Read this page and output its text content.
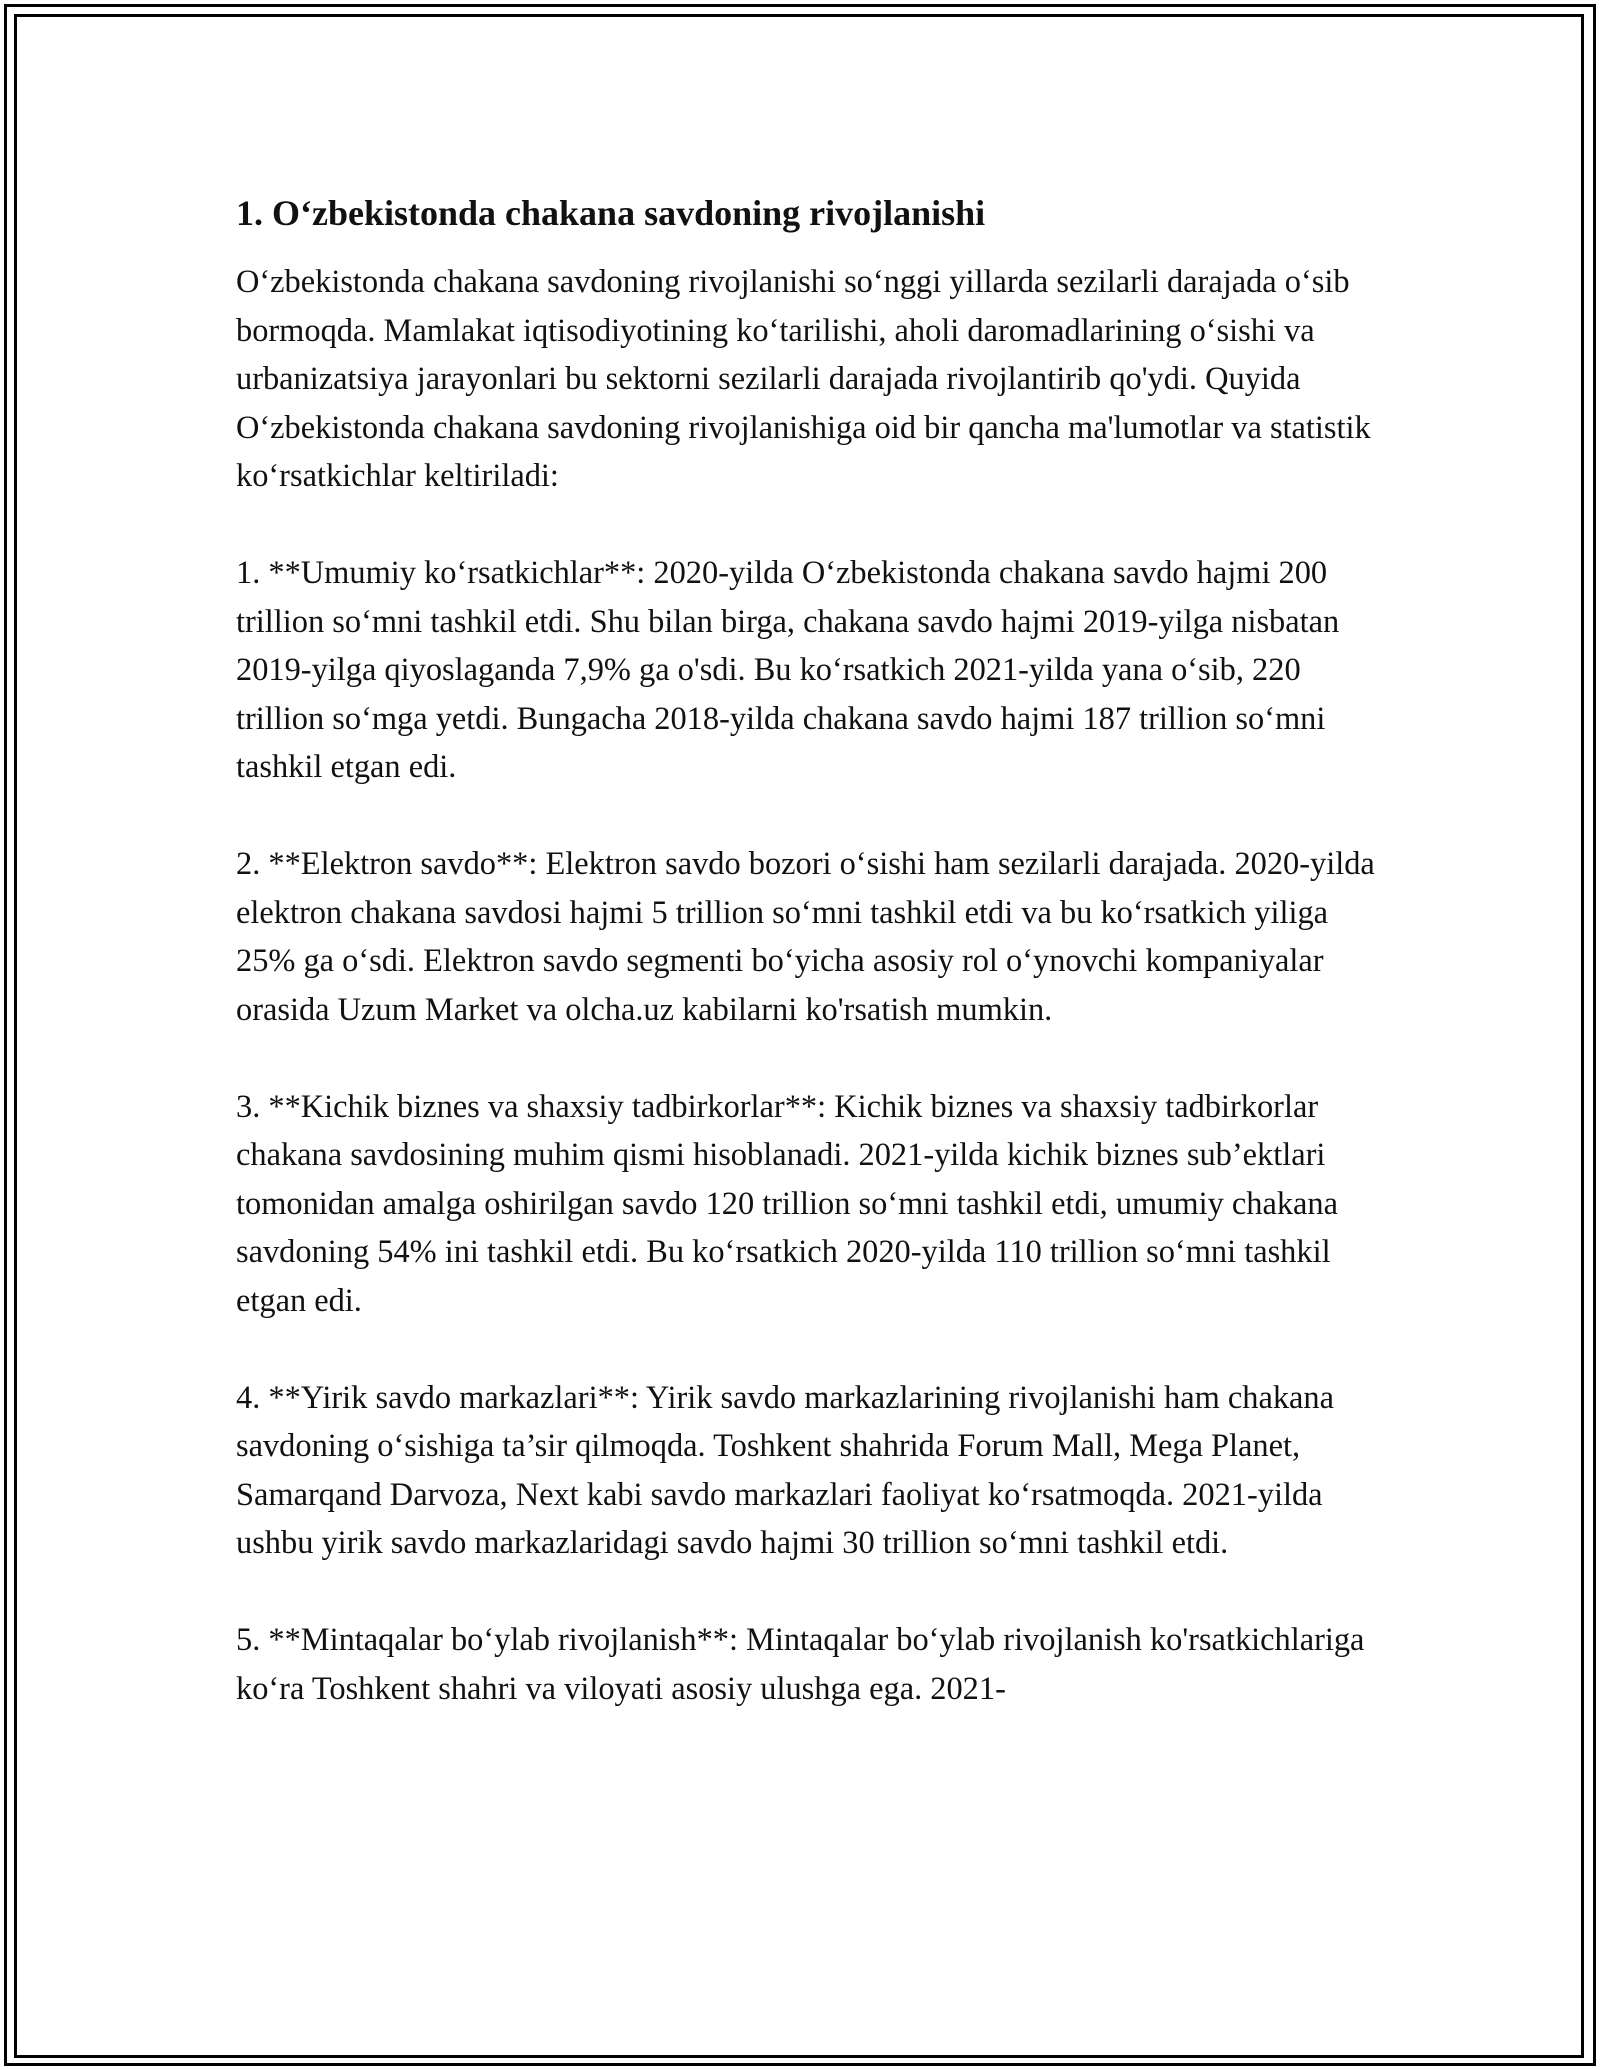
1. O‘zbekistonda chakana savdoning rivojlanishi

O‘zbekistonda chakana savdoning rivojlanishi so‘nggi yillarda sezilarli darajada o‘sib bormoqda. Mamlakat iqtisodiyotining ko‘tarilishi, aholi daromadlarining o‘sishi va urbanizatsiya jarayonlari bu sektorni sezilarli darajada rivojlantirib qo'ydi. Quyida O‘zbekistonda chakana savdoning rivojlanishiga oid bir qancha ma'lumotlar va statistik ko‘rsatkichlar keltiriladi:

1. **Umumiy ko‘rsatkichlar**: 2020-yilda O‘zbekistonda chakana savdo hajmi 200 trillion so‘mni tashkil etdi. Shu bilan birga, chakana savdo hajmi 2019-yilga nisbatan 2019-yilga qiyoslaganda 7,9% ga o'sdi. Bu ko‘rsatkich 2021-yilda yana o‘sib, 220 trillion so‘mga yetdi. Bungacha 2018-yilda chakana savdo hajmi 187 trillion so‘mni tashkil etgan edi.

2. **Elektron savdo**: Elektron savdo bozori o‘sishi ham sezilarli darajada. 2020-yilda elektron chakana savdosi hajmi 5 trillion so‘mni tashkil etdi va bu ko‘rsatkich yiliga 25% ga o‘sdi. Elektron savdo segmenti bo‘yicha asosiy rol o‘ynovchi kompaniyalar orasida Uzum Market va olcha.uz kabilarni ko'rsatish mumkin.

3. **Kichik biznes va shaxsiy tadbirkorlar**: Kichik biznes va shaxsiy tadbirkorlar chakana savdosining muhim qismi hisoblanadi. 2021-yilda kichik biznes sub’ektlari tomonidan amalga oshirilgan savdo 120 trillion so‘mni tashkil etdi, umumiy chakana savdoning 54% ini tashkil etdi. Bu ko‘rsatkich 2020-yilda 110 trillion so‘mni tashkil etgan edi.

4. **Yirik savdo markazlari**: Yirik savdo markazlarining rivojlanishi ham chakana savdoning o‘sishiga ta’sir qilmoqda. Toshkent shahrida Forum Mall, Mega Planet, Samarqand Darvoza, Next kabi savdo markazlari faoliyat ko‘rsatmoqda. 2021-yilda ushbu yirik savdo markazlaridagi savdo hajmi 30 trillion so‘mni tashkil etdi.

5. **Mintaqalar bo‘ylab rivojlanish**: Mintaqalar bo‘ylab rivojlanish ko'rsatkichlariga ko‘ra Toshkent shahri va viloyati asosiy ulushga ega. 2021-
